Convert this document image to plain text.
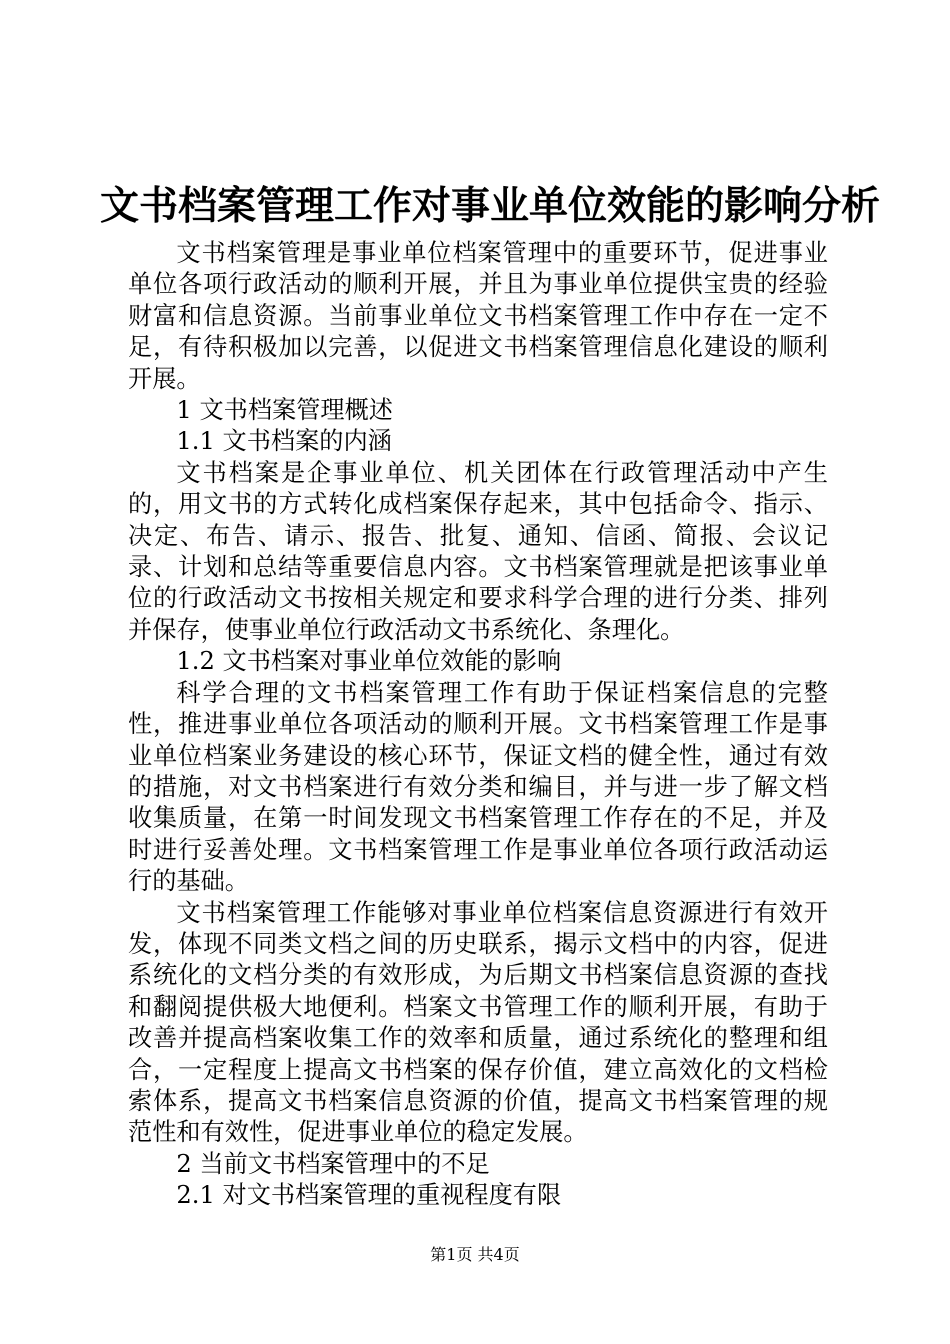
文书档案管理工作对事业单位效能的影响分析

文书档案管理是事业单位档案管理中的重要环节，促进事业单位各项行政活动的顺利开展，并且为事业单位提供宝贵的经验财富和信息资源。当前事业单位文书档案管理工作中存在一定不足，有待积极加以完善，以促进文书档案管理信息化建设的顺利开展。

1 文书档案管理概述

1.1 文书档案的内涵

文书档案是企事业单位、机关团体在行政管理活动中产生的，用文书的方式转化成档案保存起来，其中包括命令、指示、决定、布告、请示、报告、批复、通知、信函、简报、会议记录、计划和总结等重要信息内容。文书档案管理就是把该事业单位的行政活动文书按相关规定和要求科学合理的进行分类、排列并保存，使事业单位行政活动文书系统化、条理化。

1.2 文书档案对事业单位效能的影响

科学合理的文书档案管理工作有助于保证档案信息的完整性，推进事业单位各项活动的顺利开展。文书档案管理工作是事业单位档案业务建设的核心环节，保证文档的健全性，通过有效的措施，对文书档案进行有效分类和编目，并与进一步了解文档收集质量，在第一时间发现文书档案管理工作存在的不足，并及时进行妥善处理。文书档案管理工作是事业单位各项行政活动运行的基础。

文书档案管理工作能够对事业单位档案信息资源进行有效开发，体现不同类文档之间的历史联系，揭示文档中的内容，促进系统化的文档分类的有效形成，为后期文书档案信息资源的查找和翻阅提供极大地便利。档案文书管理工作的顺利开展，有助于改善并提高档案收集工作的效率和质量，通过系统化的整理和组合，一定程度上提高文书档案的保存价值，建立高效化的文档检索体系，提高文书档案信息资源的价值，提高文书档案管理的规范性和有效性，促进事业单位的稳定发展。

2 当前文书档案管理中的不足

2.1 对文书档案管理的重视程度有限

第1页 共4页
